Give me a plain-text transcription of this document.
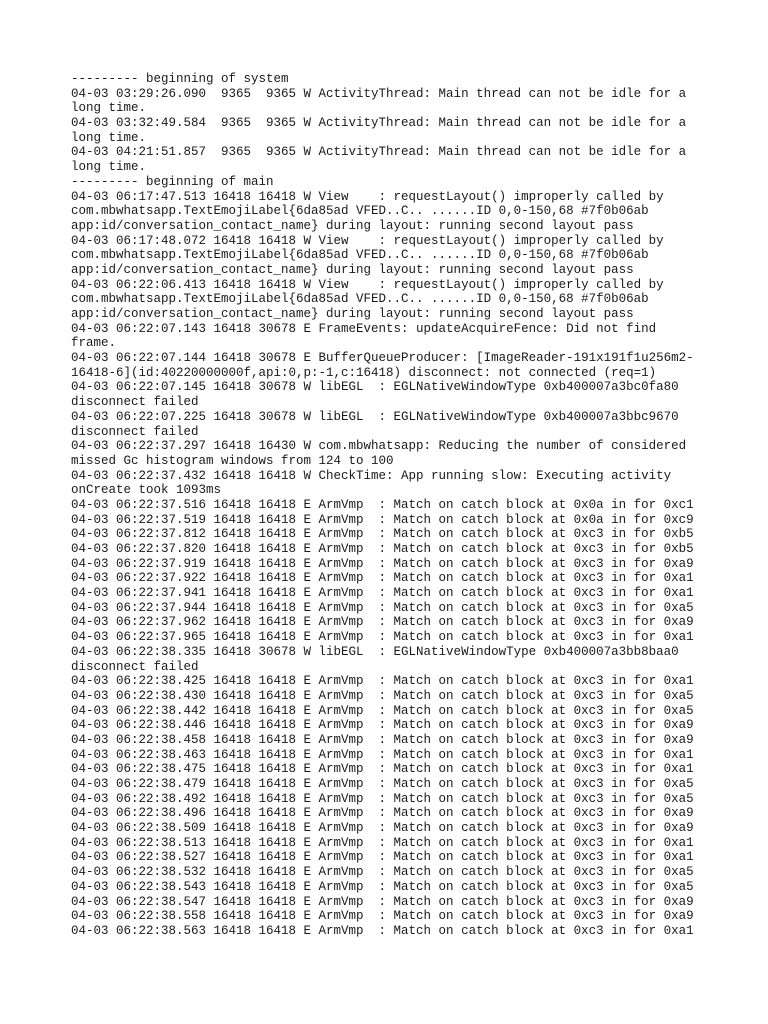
--------- beginning of system
04-03 03:29:26.090  9365  9365 W ActivityThread: Main thread can not be idle for a
long time.
04-03 03:32:49.584  9365  9365 W ActivityThread: Main thread can not be idle for a
long time.
04-03 04:21:51.857  9365  9365 W ActivityThread: Main thread can not be idle for a
long time.
--------- beginning of main
04-03 06:17:47.513 16418 16418 W View    : requestLayout() improperly called by
com.mbwhatsapp.TextEmojiLabel{6da85ad VFED..C.. ......ID 0,0-150,68 #7f0b06ab
app:id/conversation_contact_name} during layout: running second layout pass
04-03 06:17:48.072 16418 16418 W View    : requestLayout() improperly called by
com.mbwhatsapp.TextEmojiLabel{6da85ad VFED..C.. ......ID 0,0-150,68 #7f0b06ab
app:id/conversation_contact_name} during layout: running second layout pass
04-03 06:22:06.413 16418 16418 W View    : requestLayout() improperly called by
com.mbwhatsapp.TextEmojiLabel{6da85ad VFED..C.. ......ID 0,0-150,68 #7f0b06ab
app:id/conversation_contact_name} during layout: running second layout pass
04-03 06:22:07.143 16418 30678 E FrameEvents: updateAcquireFence: Did not find
frame.
04-03 06:22:07.144 16418 30678 E BufferQueueProducer: [ImageReader-191x191f1u256m2-
16418-6](id:40220000000f,api:0,p:-1,c:16418) disconnect: not connected (req=1)
04-03 06:22:07.145 16418 30678 W libEGL  : EGLNativeWindowType 0xb400007a3bc0fa80
disconnect failed
04-03 06:22:07.225 16418 30678 W libEGL  : EGLNativeWindowType 0xb400007a3bbc9670
disconnect failed
04-03 06:22:37.297 16418 16430 W com.mbwhatsapp: Reducing the number of considered
missed Gc histogram windows from 124 to 100
04-03 06:22:37.432 16418 16418 W CheckTime: App running slow: Executing activity
onCreate took 1093ms
04-03 06:22:37.516 16418 16418 E ArmVmp  : Match on catch block at 0x0a in for 0xc1
04-03 06:22:37.519 16418 16418 E ArmVmp  : Match on catch block at 0x0a in for 0xc9
04-03 06:22:37.812 16418 16418 E ArmVmp  : Match on catch block at 0xc3 in for 0xb5
04-03 06:22:37.820 16418 16418 E ArmVmp  : Match on catch block at 0xc3 in for 0xb5
04-03 06:22:37.919 16418 16418 E ArmVmp  : Match on catch block at 0xc3 in for 0xa9
04-03 06:22:37.922 16418 16418 E ArmVmp  : Match on catch block at 0xc3 in for 0xa1
04-03 06:22:37.941 16418 16418 E ArmVmp  : Match on catch block at 0xc3 in for 0xa1
04-03 06:22:37.944 16418 16418 E ArmVmp  : Match on catch block at 0xc3 in for 0xa5
04-03 06:22:37.962 16418 16418 E ArmVmp  : Match on catch block at 0xc3 in for 0xa9
04-03 06:22:37.965 16418 16418 E ArmVmp  : Match on catch block at 0xc3 in for 0xa1
04-03 06:22:38.335 16418 30678 W libEGL  : EGLNativeWindowType 0xb400007a3bb8baa0
disconnect failed
04-03 06:22:38.425 16418 16418 E ArmVmp  : Match on catch block at 0xc3 in for 0xa1
04-03 06:22:38.430 16418 16418 E ArmVmp  : Match on catch block at 0xc3 in for 0xa5
04-03 06:22:38.442 16418 16418 E ArmVmp  : Match on catch block at 0xc3 in for 0xa5
04-03 06:22:38.446 16418 16418 E ArmVmp  : Match on catch block at 0xc3 in for 0xa9
04-03 06:22:38.458 16418 16418 E ArmVmp  : Match on catch block at 0xc3 in for 0xa9
04-03 06:22:38.463 16418 16418 E ArmVmp  : Match on catch block at 0xc3 in for 0xa1
04-03 06:22:38.475 16418 16418 E ArmVmp  : Match on catch block at 0xc3 in for 0xa1
04-03 06:22:38.479 16418 16418 E ArmVmp  : Match on catch block at 0xc3 in for 0xa5
04-03 06:22:38.492 16418 16418 E ArmVmp  : Match on catch block at 0xc3 in for 0xa5
04-03 06:22:38.496 16418 16418 E ArmVmp  : Match on catch block at 0xc3 in for 0xa9
04-03 06:22:38.509 16418 16418 E ArmVmp  : Match on catch block at 0xc3 in for 0xa9
04-03 06:22:38.513 16418 16418 E ArmVmp  : Match on catch block at 0xc3 in for 0xa1
04-03 06:22:38.527 16418 16418 E ArmVmp  : Match on catch block at 0xc3 in for 0xa1
04-03 06:22:38.532 16418 16418 E ArmVmp  : Match on catch block at 0xc3 in for 0xa5
04-03 06:22:38.543 16418 16418 E ArmVmp  : Match on catch block at 0xc3 in for 0xa5
04-03 06:22:38.547 16418 16418 E ArmVmp  : Match on catch block at 0xc3 in for 0xa9
04-03 06:22:38.558 16418 16418 E ArmVmp  : Match on catch block at 0xc3 in for 0xa9
04-03 06:22:38.563 16418 16418 E ArmVmp  : Match on catch block at 0xc3 in for 0xa1
